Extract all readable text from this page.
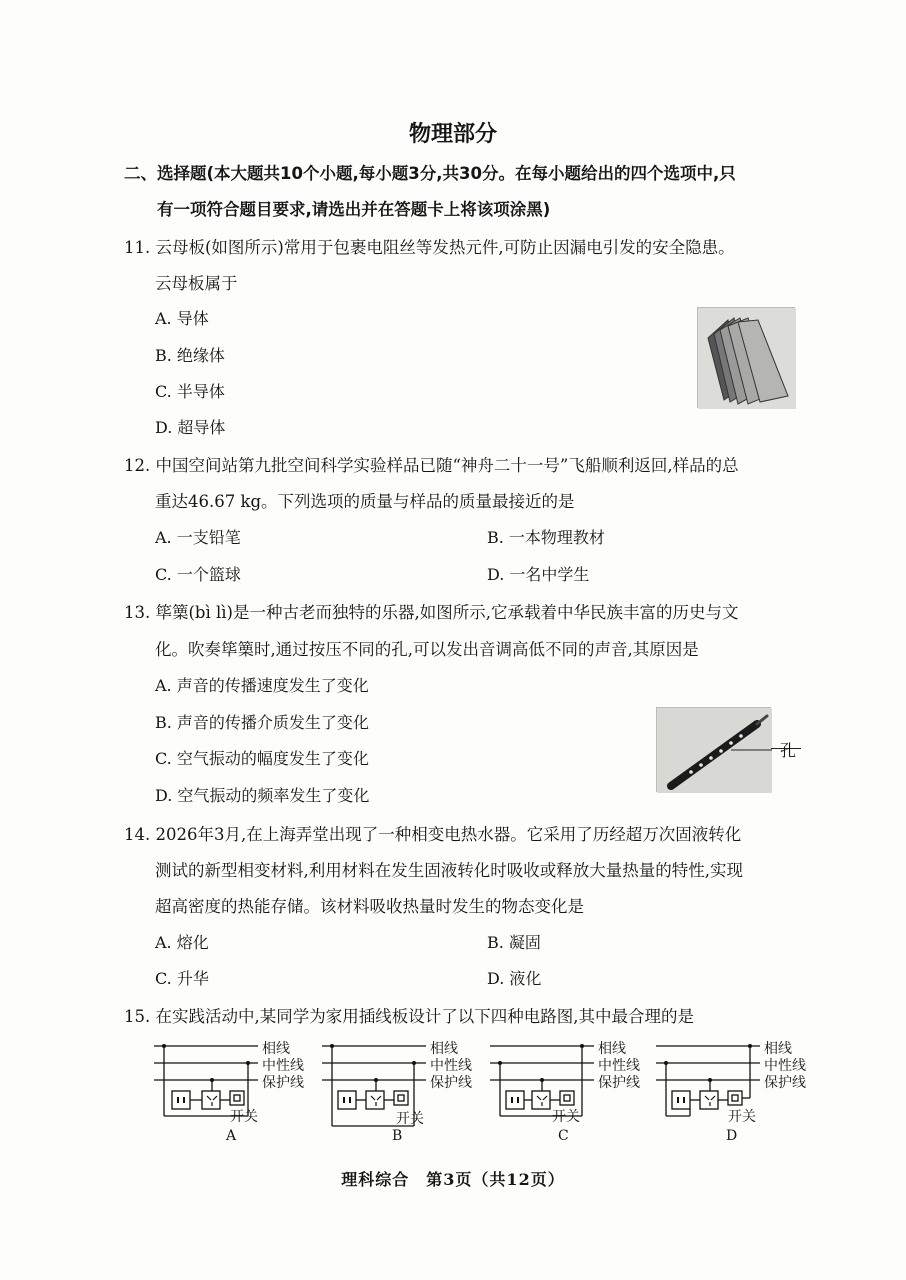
物理部分
二、选择题(本大题共10个小题,每小题3分,共30分。在每小题给出的四个选项中,只
有一项符合题目要求,请选出并在答题卡上将该项涂黑)
11. 云母板(如图所示)常用于包裹电阻丝等发热元件,可防止因漏电引发的安全隐患。
云母板属于
A. 导体
B. 绝缘体
C. 半导体
D. 超导体
12. 中国空间站第九批空间科学实验样品已随“神舟二十一号”飞船顺利返回,样品的总
重达46.67 kg。下列选项的质量与样品的质量最接近的是
A. 一支铅笔	B. 一本物理教材
C. 一个篮球	D. 一名中学生
13. 筚篥(bì lì)是一种古老而独特的乐器,如图所示,它承载着中华民族丰富的历史与文
化。吹奏筚篥时,通过按压不同的孔,可以发出音调高低不同的声音,其原因是
A. 声音的传播速度发生了变化
B. 声音的传播介质发生了变化
C. 空气振动的幅度发生了变化
D. 空气振动的频率发生了变化
孔
14. 2026年3月,在上海弄堂出现了一种相变电热水器。它采用了历经超万次固液转化
测试的新型相变材料,利用材料在发生固液转化时吸收或释放大量热量的特性,实现
超高密度的热能存储。该材料吸收热量时发生的物态变化是
A. 熔化	B. 凝固
C. 升华	D. 液化
15. 在实践活动中,某同学为家用插线板设计了以下四种电路图,其中最合理的是
相线
中性线
保护线
开关
A
相线
中性线
保护线
开关
B
相线
中性线
保护线
开关
C
相线
中性线
保护线
开关
D
理科综合　第3页（共12页）
